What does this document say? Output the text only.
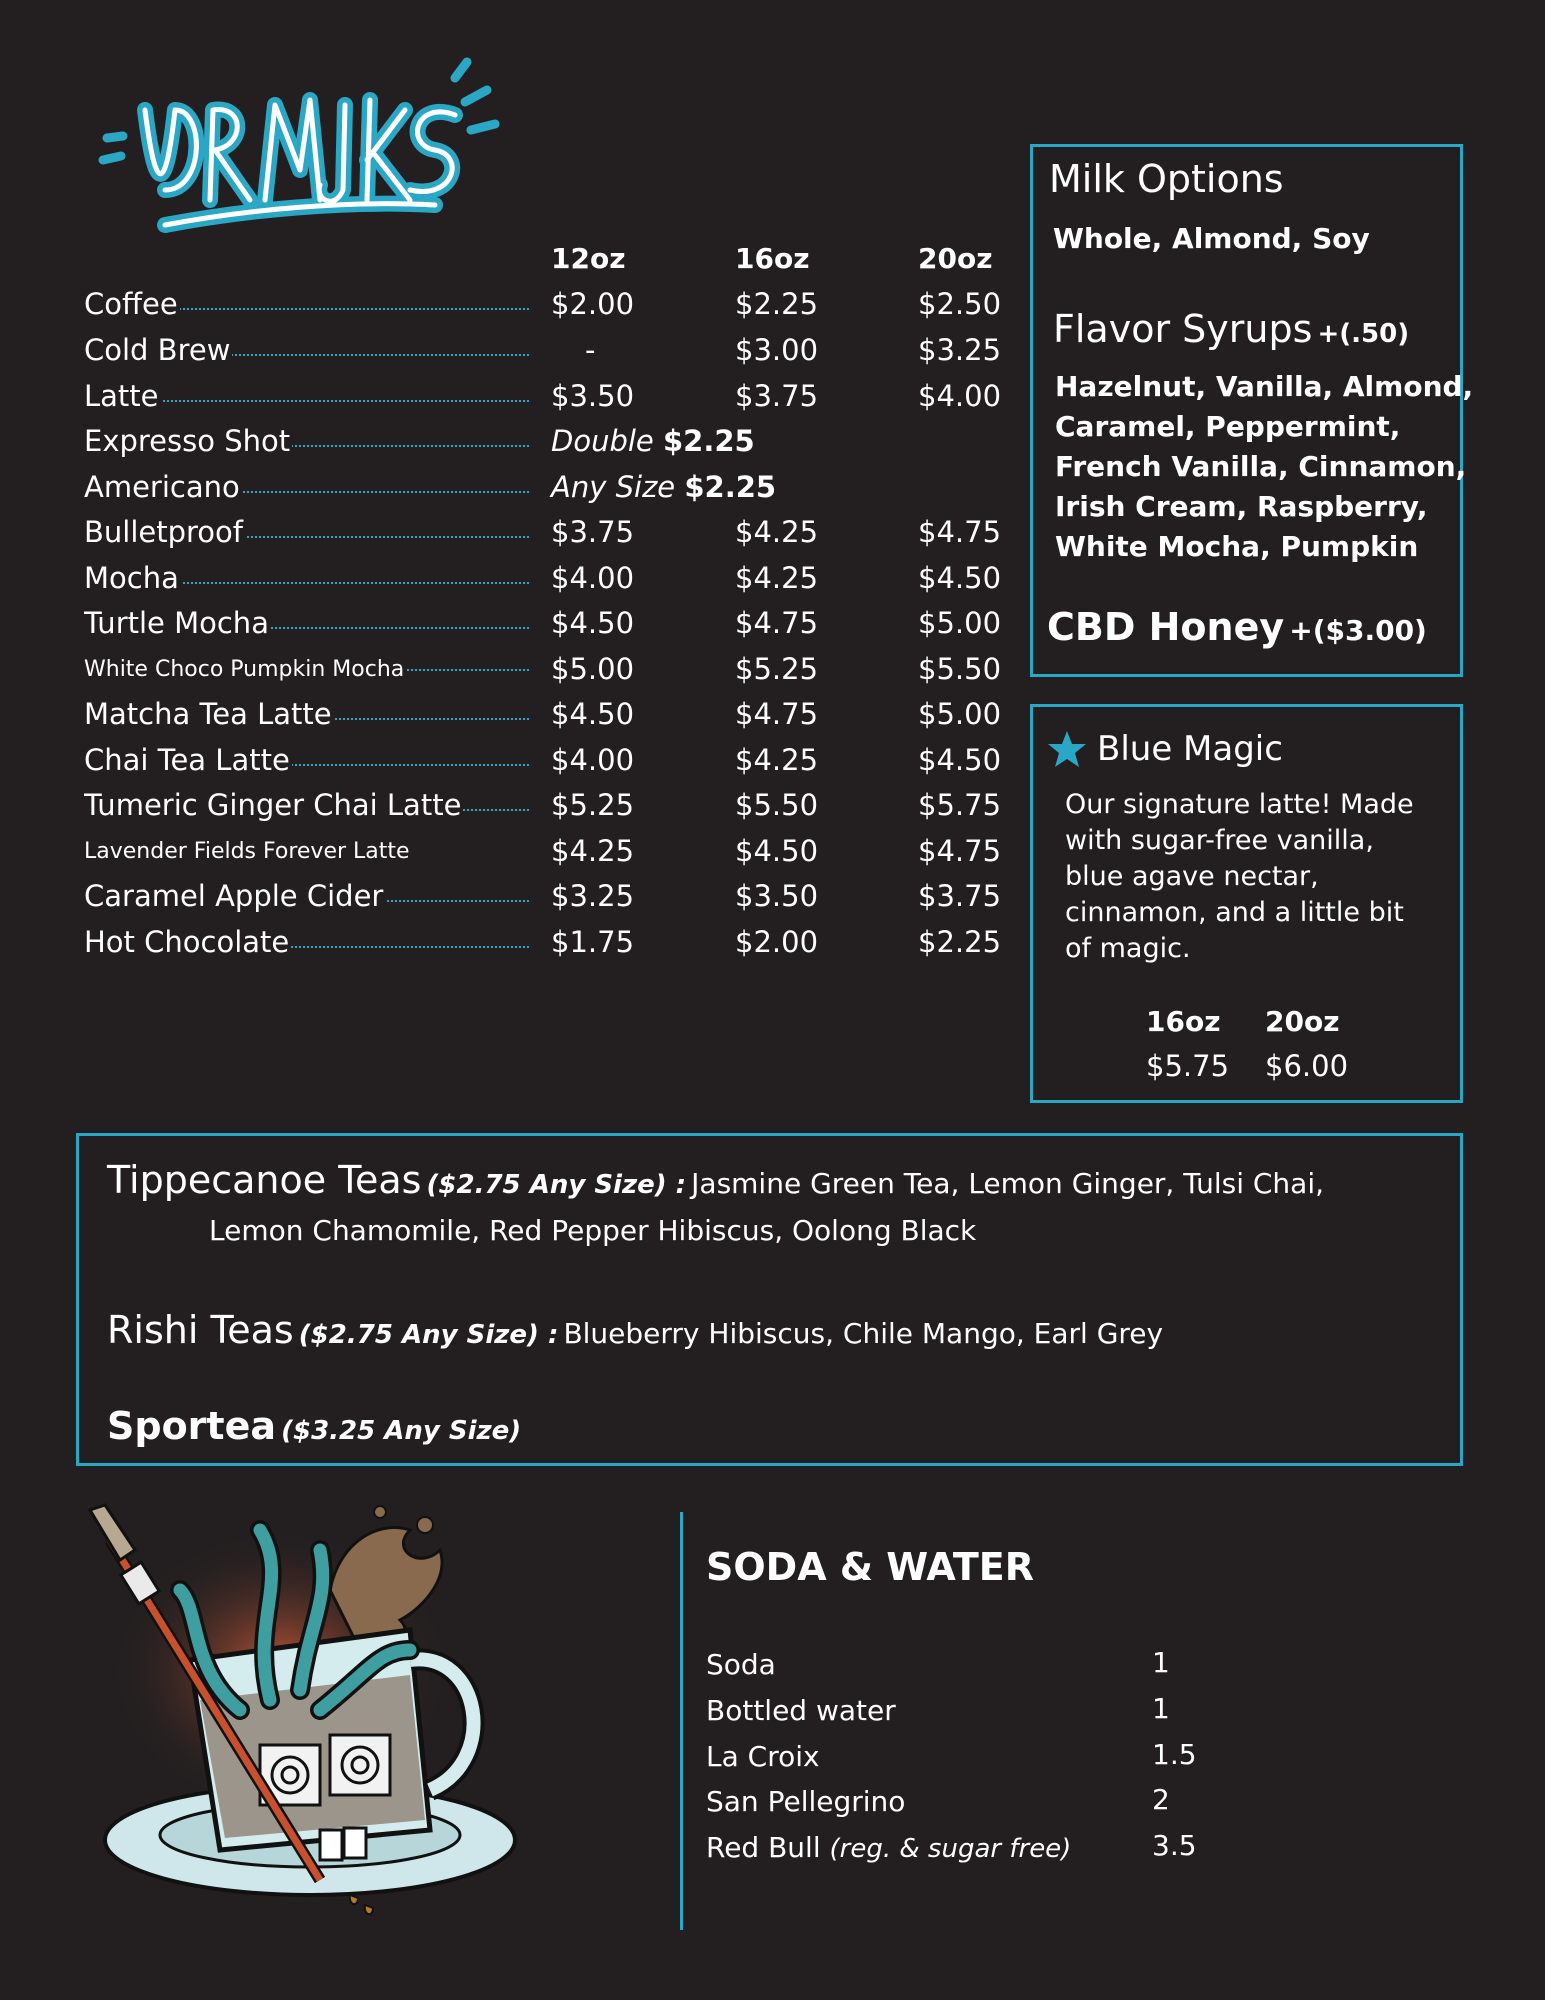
12oz	16oz	20oz
Coffee	$2.00	$2.25	$2.50
Cold Brew	-	$3.00	$3.25
Latte	$3.50	$3.75	$4.00
Expresso Shot	Double $2.25
Americano	Any Size $2.25
Bulletproof	$3.75	$4.25	$4.75
Mocha	$4.00	$4.25	$4.50
Turtle Mocha	$4.50	$4.75	$5.00
White Choco Pumpkin Mocha	$5.00	$5.25	$5.50
Matcha Tea Latte	$4.50	$4.75	$5.00
Chai Tea Latte	$4.00	$4.25	$4.50
Tumeric Ginger Chai Latte	$5.25	$5.50	$5.75
Lavender Fields Forever Latte	$4.25	$4.50	$4.75
Caramel Apple Cider	$3.25	$3.50	$3.75
Hot Chocolate	$1.75	$2.00	$2.25
Milk Options
Whole, Almond, Soy
Flavor Syrups +(.50)
Hazelnut, Vanilla, Almond,
Caramel, Peppermint,
French Vanilla, Cinnamon,
Irish Cream, Raspberry,
White Mocha, Pumpkin
CBD Honey +($3.00)
Blue Magic
Our signature latte! Made
with sugar-free vanilla,
blue agave nectar,
cinnamon, and a little bit
of magic.
16oz 20oz
$5.75 $6.00
Tippecanoe Teas ($2.75 Any Size) : Jasmine Green Tea, Lemon Ginger, Tulsi Chai,
Lemon Chamomile, Red Pepper Hibiscus, Oolong Black
Rishi Teas ($2.75 Any Size) : Blueberry Hibiscus, Chile Mango, Earl Grey
Sportea ($3.25 Any Size)
SODA & WATER
Soda	1
Bottled water	1
La Croix	1.5
San Pellegrino	2
Red Bull (reg. & sugar free)	3.5
